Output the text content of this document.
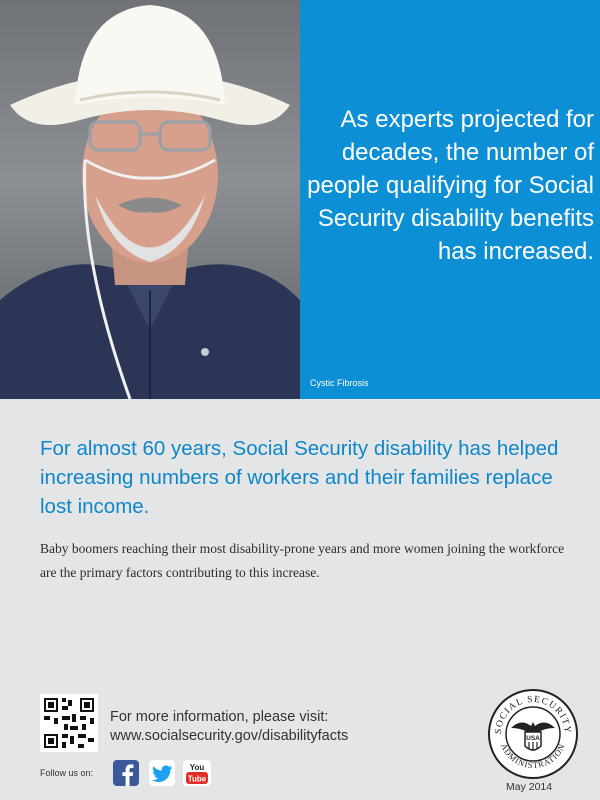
As experts projected for decades, the number of people qualifying for Social Security disability benefits has increased.
Cystic Fibrosis
For almost 60 years, Social Security disability has helped increasing numbers of workers and their families replace lost income.

Baby boomers reaching their most disability-prone years and more women joining the workforce are the primary factors contributing to this increase.

For more information, please visit:
www.socialsecurity.gov/disabilityfacts
Follow us on:
You
Tube
SOCIAL SECURITY
ADMINISTRATION
USA
May 2014
